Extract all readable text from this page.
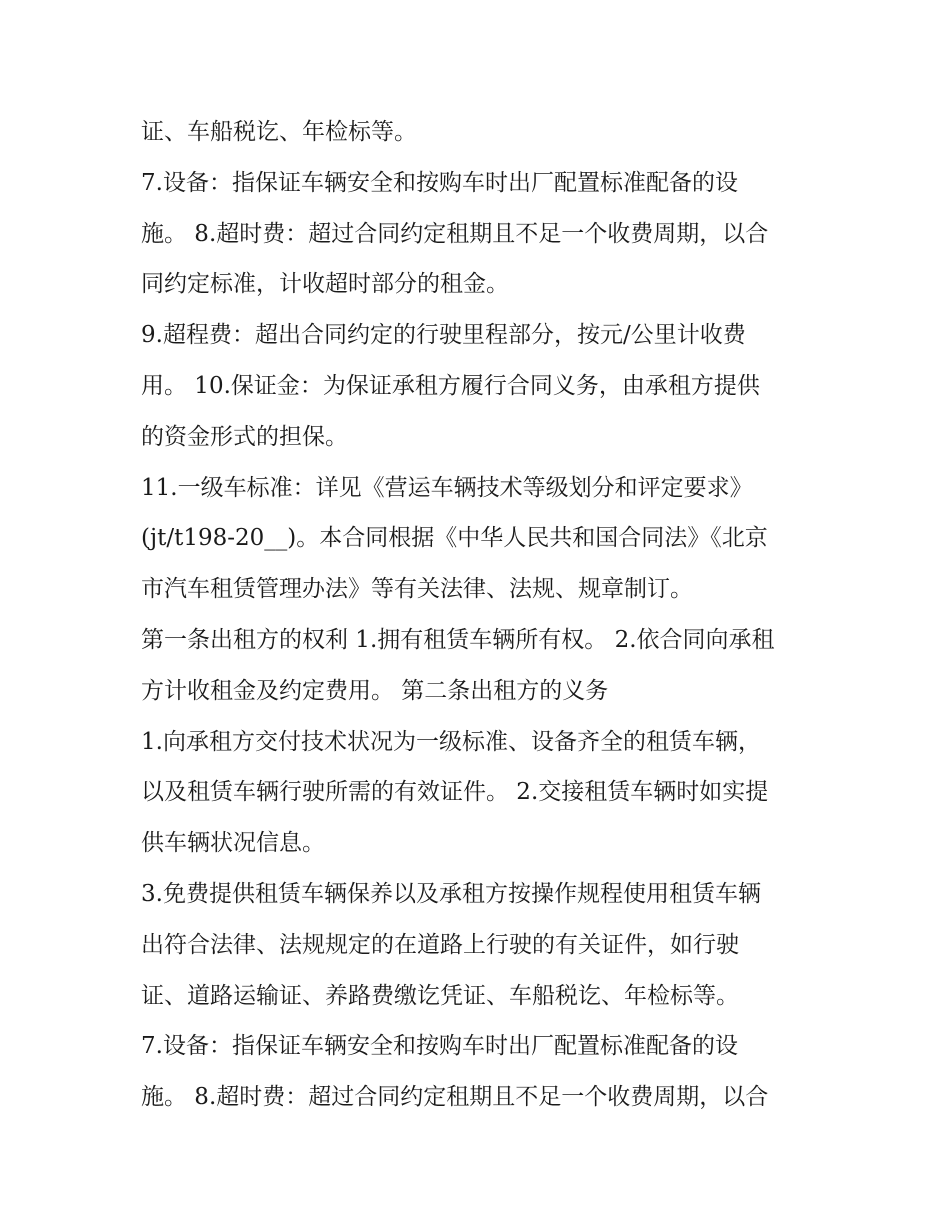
证、车船税讫、年检标等。
7.设备：指保证车辆安全和按购车时出厂配置标准配备的设
施。 8.超时费：超过合同约定租期且不足一个收费周期，以合
同约定标准，计收超时部分的租金。
9.超程费：超出合同约定的行驶里程部分，按元/公里计收费
用。 10.保证金：为保证承租方履行合同义务，由承租方提供
的资金形式的担保。
11.一级车标准：详见《营运车辆技术等级划分和评定要求》
(jt/t198-20__)。本合同根据《中华人民共和国合同法》《北京
市汽车租赁管理办法》等有关法律、法规、规章制订。
第一条出租方的权利 1.拥有租赁车辆所有权。 2.依合同向承租
方计收租金及约定费用。 第二条出租方的义务
1.向承租方交付技术状况为一级标准、设备齐全的租赁车辆，
以及租赁车辆行驶所需的有效证件。 2.交接租赁车辆时如实提
供车辆状况信息。
3.免费提供租赁车辆保养以及承租方按操作规程使用租赁车辆
出符合法律、法规规定的在道路上行驶的有关证件，如行驶
证、道路运输证、养路费缴讫凭证、车船税讫、年检标等。
7.设备：指保证车辆安全和按购车时出厂配置标准配备的设
施。 8.超时费：超过合同约定租期且不足一个收费周期，以合
